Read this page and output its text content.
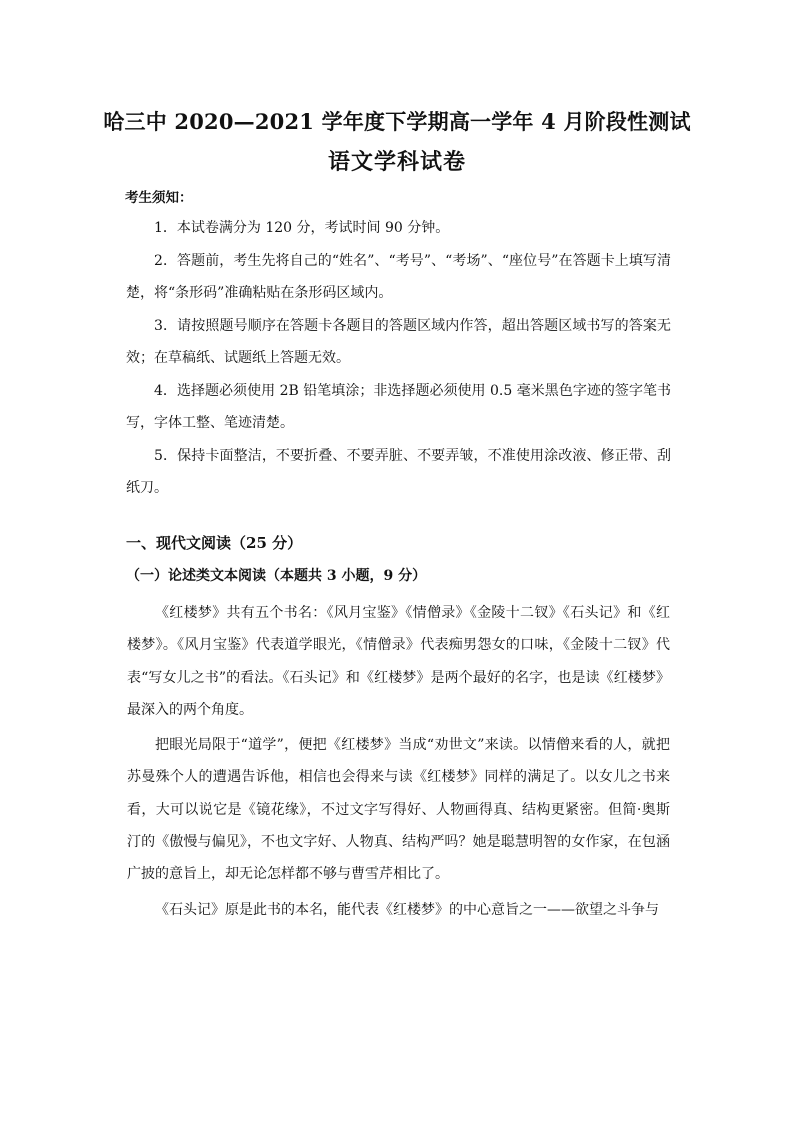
哈三中 2020—2021 学年度下学期高一学年 4 月阶段性测试
语文学科试卷
考生须知：
1．本试卷满分为 120 分，考试时间 90 分钟。
2．答题前，考生先将自己的“姓名”、“考号”、“考场”、“座位号”在答题卡上填写清楚，将“条形码”准确粘贴在条形码区域内。
3．请按照题号顺序在答题卡各题目的答题区域内作答，超出答题区域书写的答案无效；在草稿纸、试题纸上答题无效。
4．选择题必须使用 2B 铅笔填涂；非选择题必须使用 0.5 毫米黑色字迹的签字笔书写，字体工整、笔迹清楚。
5．保持卡面整洁，不要折叠、不要弄脏、不要弄皱，不准使用涂改液、修正带、刮纸刀。
一、现代文阅读（25 分）
（一）论述类文本阅读（本题共 3 小题，9 分）

《红楼梦》共有五个书名：《风月宝鉴》《情僧录》《金陵十二钗》《石头记》和《红楼梦》。《风月宝鉴》代表道学眼光，《情僧录》代表痴男怨女的口味，《金陵十二钗》代表“写女儿之书”的看法。《石头记》和《红楼梦》是两个最好的名字，也是读《红楼梦》最深入的两个角度。

把眼光局限于“道学”，便把《红楼梦》当成“劝世文”来读。以情僧来看的人，就把苏曼殊个人的遭遇告诉他，相信也会得来与读《红楼梦》同样的满足了。以女儿之书来看，大可以说它是《镜花缘》，不过文字写得好、人物画得真、结构更紧密。但简·奥斯汀的《傲慢与偏见》，不也文字好、人物真、结构严吗？她是聪慧明智的女作家，在包涵广披的意旨上，却无论怎样都不够与曹雪芹相比了。

《石头记》原是此书的本名，能代表《红楼梦》的中心意旨之一——欲望之斗争与
